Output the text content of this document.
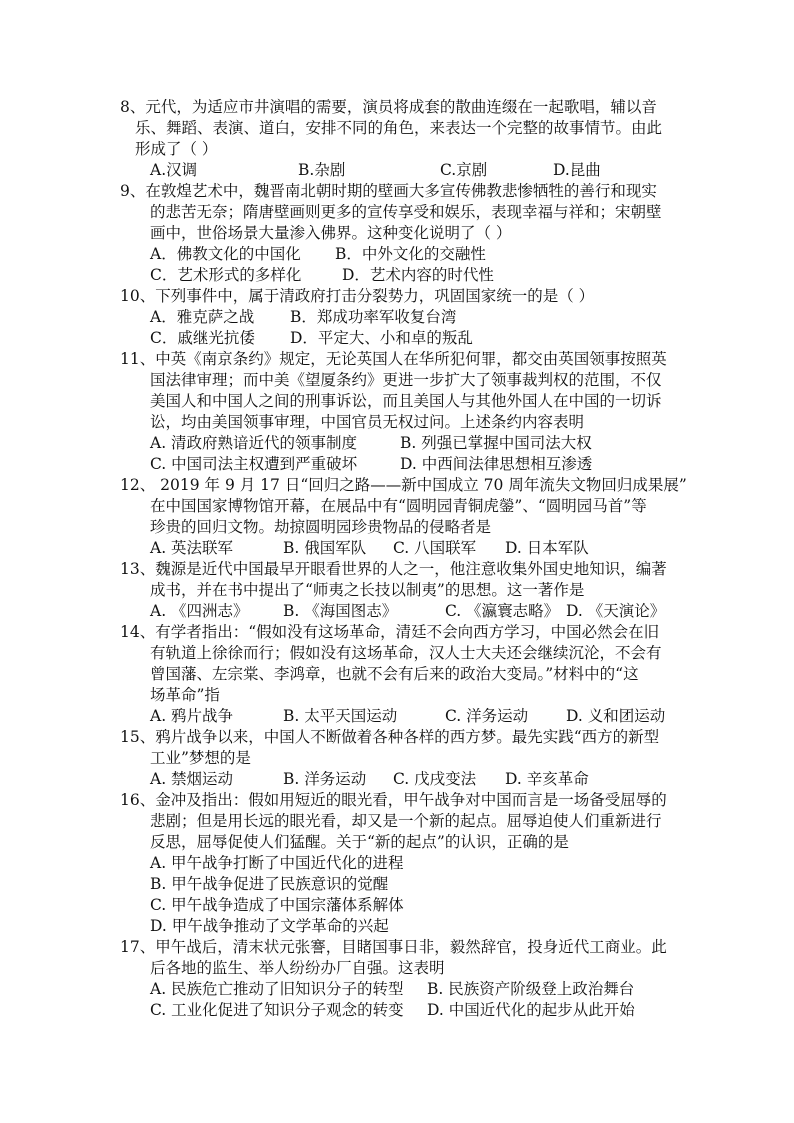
8、元代，为适应市井演唱的需要，演员将成套的散曲连缀在一起歌唱，辅以音
乐、舞蹈、表演、道白，安排不同的角色，来表达一个完整的故事情节。由此
形成了（ ）
A.汉调	B.杂剧	C.京剧	D.昆曲
9、在敦煌艺术中，魏晋南北朝时期的壁画大多宣传佛教悲惨牺牲的善行和现实
的悲苦无奈；隋唐壁画则更多的宣传享受和娱乐，表现幸福与祥和；宋朝壁
画中，世俗场景大量渗入佛界。这种变化说明了（ ）
A．佛教文化的中国化 B．中外文化的交融性
C．艺术形式的多样化	D．艺术内容的时代性
10、下列事件中，属于清政府打击分裂势力，巩固国家统一的是（ ）
A．雅克萨之战 B．郑成功率军收复台湾
C．戚继光抗倭 D．平定大、小和卓的叛乱
11、中英《南京条约》规定，无论英国人在华所犯何罪，都交由英国领事按照英
国法律审理；而中美《望厦条约》更进一步扩大了领事裁判权的范围，不仅
美国人和中国人之间的刑事诉讼，而且美国人与其他外国人在中国的一切诉
讼，均由美国领事审理，中国官员无权过问。上述条约内容表明
A. 清政府熟谙近代的领事制度	B. 列强已掌握中国司法大权
C. 中国司法主权遭到严重破坏	D. 中西间法律思想相互渗透
12、 2019 年 9 月 17 日“回归之路——新中国成立 70 周年流失文物回归成果展”
在中国国家博物馆开幕，在展品中有“圆明园青铜虎鎣”、“圆明园马首”等
珍贵的回归文物。劫掠圆明园珍贵物品的侵略者是
A. 英法联军	B. 俄国军队 C. 八国联军 D. 日本军队
13、魏源是近代中国最早开眼看世界的人之一，他注意收集外国史地知识，编著
成书，并在书中提出了“师夷之长技以制夷”的思想。这一著作是
A. 《四洲志》 B. 《海国图志》	C. 《瀛寰志略》 D. 《天演论》
14、有学者指出：“假如没有这场革命，清廷不会向西方学习，中国必然会在旧
有轨道上徐徐而行；假如没有这场革命，汉人士大夫还会继续沉沦，不会有
曾国藩、左宗棠、李鸿章，也就不会有后来的政治大变局。”材料中的“这
场革命”指
A. 鸦片战争	B. 太平天国运动	C. 洋务运动 D. 义和团运动
15、鸦片战争以来，中国人不断做着各种各样的西方梦。最先实践“西方的新型
工业”梦想的是
A. 禁烟运动	B. 洋务运动 C. 戊戌变法 D. 辛亥革命
16、金冲及指出：假如用短近的眼光看，甲午战争对中国而言是一场备受屈辱的
悲剧；但是用长远的眼光看，却又是一个新的起点。屈辱迫使人们重新进行
反思，屈辱促使人们猛醒。关于“新的起点”的认识，正确的是
A. 甲午战争打断了中国近代化的进程
B. 甲午战争促进了民族意识的觉醒
C. 甲午战争造成了中国宗藩体系解体
D. 甲午战争推动了文学革命的兴起
17、甲午战后，清末状元张謇，目睹国事日非，毅然辞官，投身近代工商业。此
后各地的监生、举人纷纷办厂自强。这表明
A. 民族危亡推动了旧知识分子的转型 B. 民族资产阶级登上政治舞台
C. 工业化促进了知识分子观念的转变 D. 中国近代化的起步从此开始
